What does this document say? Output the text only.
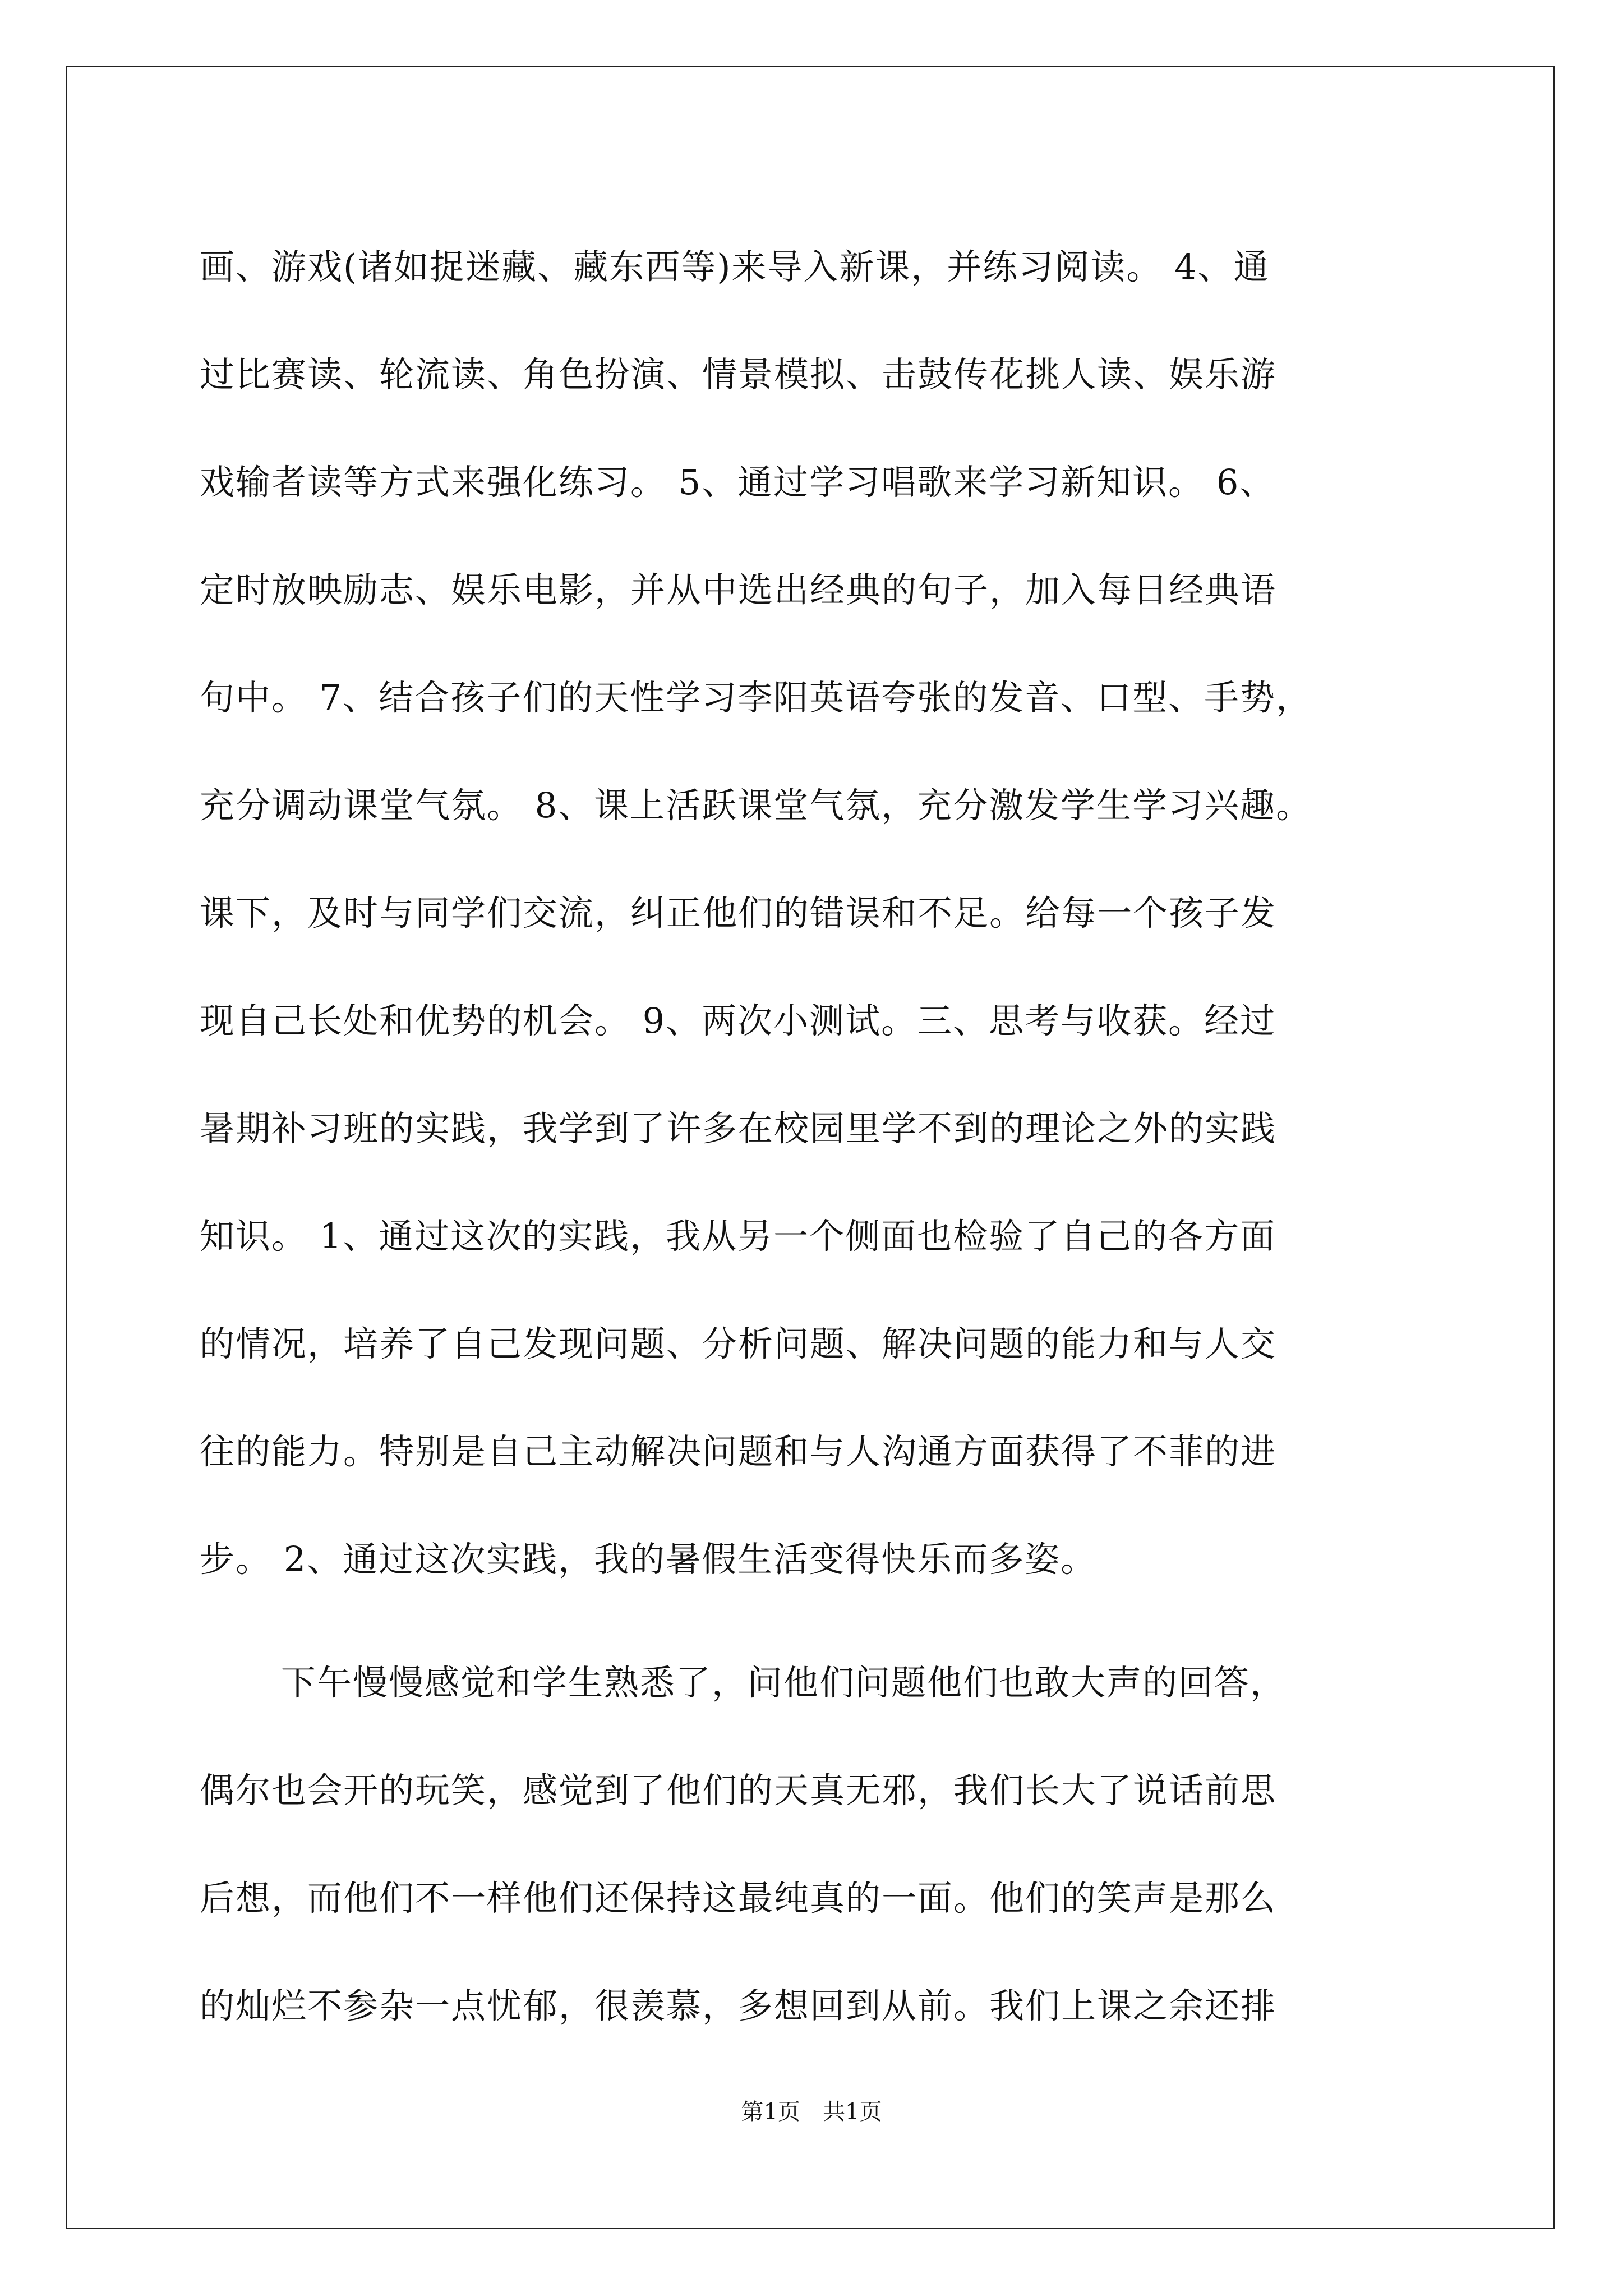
画、游戏(诸如捉迷藏、藏东西等)来导入新课，并练习阅读。 4、通
过比赛读、轮流读、角色扮演、情景模拟、击鼓传花挑人读、娱乐游
戏输者读等方式来强化练习。 5、通过学习唱歌来学习新知识。 6、
定时放映励志、娱乐电影，并从中选出经典的句子，加入每日经典语
句中。 7、结合孩子们的天性学习李阳英语夸张的发音、口型、手势，
充分调动课堂气氛。 8、课上活跃课堂气氛，充分激发学生学习兴趣。
课下，及时与同学们交流，纠正他们的错误和不足。给每一个孩子发
现自己长处和优势的机会。 9、两次小测试。三、思考与收获。经过
暑期补习班的实践，我学到了许多在校园里学不到的理论之外的实践
知识。 1、通过这次的实践，我从另一个侧面也检验了自己的各方面
的情况，培养了自己发现问题、分析问题、解决问题的能力和与人交
往的能力。特别是自己主动解决问题和与人沟通方面获得了不菲的进
步。 2、通过这次实践，我的暑假生活变得快乐而多姿。
下午慢慢感觉和学生熟悉了，问他们问题他们也敢大声的回答，
偶尔也会开的玩笑，感觉到了他们的天真无邪，我们长大了说话前思
后想，而他们不一样他们还保持这最纯真的一面。他们的笑声是那么
的灿烂不参杂一点忧郁，很羡慕，多想回到从前。我们上课之余还排
第1页　共1页
